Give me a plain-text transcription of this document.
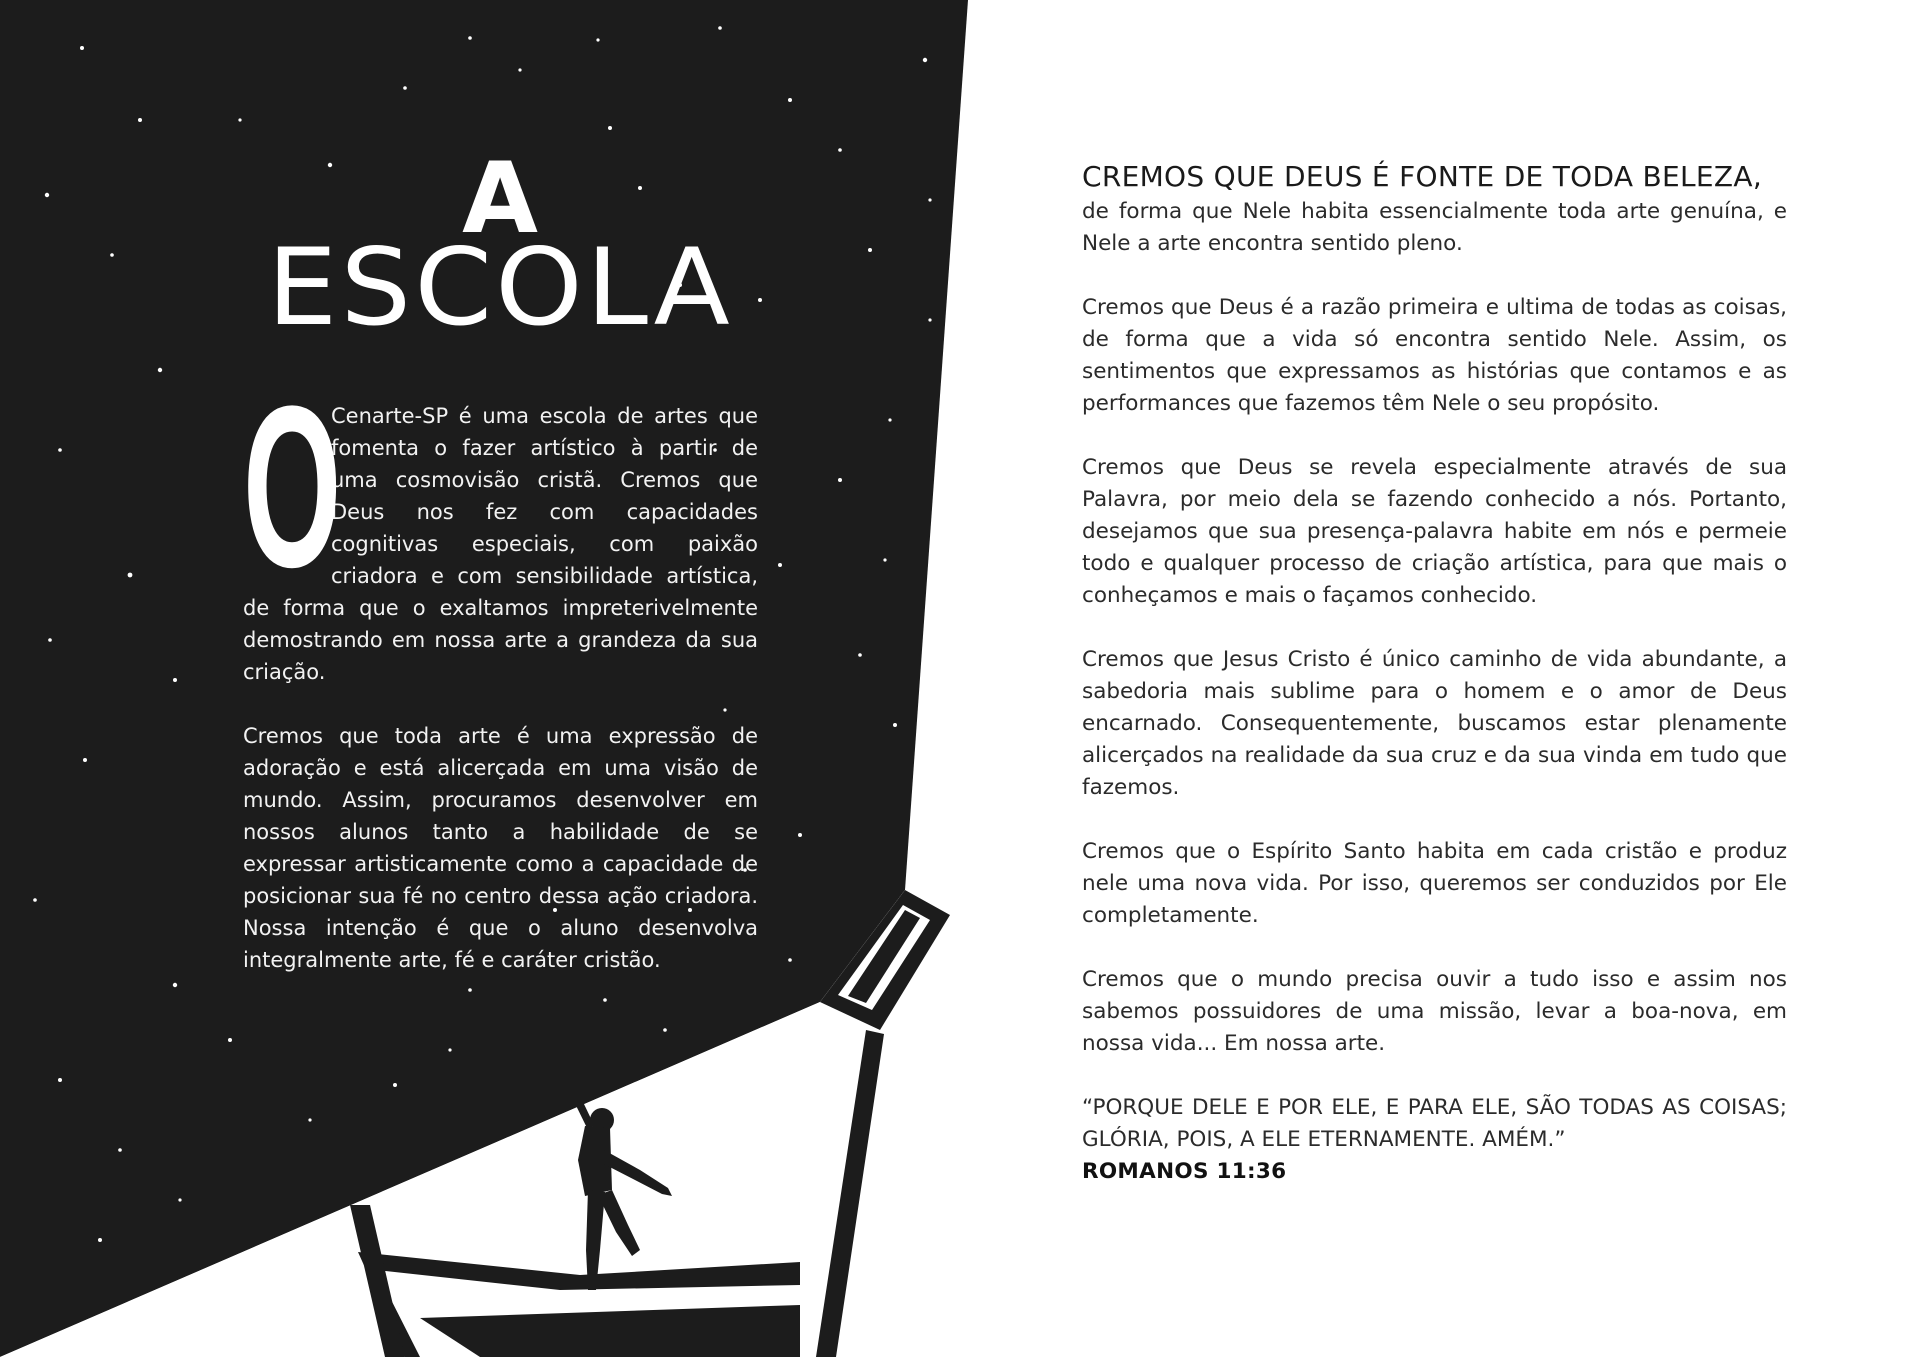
A
ESCOLA

O
Cenarte-SP é uma escola de artes que fomenta o fazer artístico à partir de uma cosmovisão cristã. Cremos que Deus nos fez com capacidades cognitivas especiais, com paixão criadora e com sensibilidade artística, de forma que o exaltamos impreterivelmente demostrando em nossa arte a grandeza da sua criação.

Cremos que toda arte é uma expressão de adoração e está alicerçada em uma visão de mundo. Assim, procuramos desenvolver em nossos alunos tanto a habilidade de se expressar artisticamente como a capacidade de posicionar sua fé no centro dessa ação criadora. Nossa intenção é que o aluno desenvolva integralmente arte, fé e caráter cristão.

CREMOS QUE DEUS É FONTE DE TODA BELEZA,
de forma que Nele habita essencialmente toda arte genuína, e Nele a arte encontra sentido pleno.

Cremos que Deus é a razão primeira e ultima de todas as coisas, de forma que a vida só encontra sentido Nele. Assim, os sentimentos que expressamos as histórias que contamos e as performances que fazemos têm Nele o seu propósito.

Cremos que Deus se revela especialmente através de sua Palavra, por meio dela se fazendo conhecido a nós. Portanto, desejamos que sua presença-palavra habite em nós e permeie todo e qualquer processo de criação artística, para que mais o conheçamos e mais o façamos conhecido.

Cremos que Jesus Cristo é único caminho de vida abundante, a sabedoria mais sublime para o homem e o amor de Deus encarnado. Consequentemente, buscamos estar plenamente alicerçados na realidade da sua cruz e da sua vinda em tudo que fazemos.

Cremos que o Espírito Santo habita em cada cristão e produz nele uma nova vida. Por isso, queremos ser conduzidos por Ele completamente.

Cremos que o mundo precisa ouvir a tudo isso e assim nos sabemos possuidores de uma missão, levar a boa-nova, em nossa vida... Em nossa arte.

“PORQUE DELE E POR ELE, E PARA ELE, SÃO TODAS AS COISAS; GLÓRIA, POIS, A ELE ETERNAMENTE. AMÉM.”
ROMANOS 11:36
